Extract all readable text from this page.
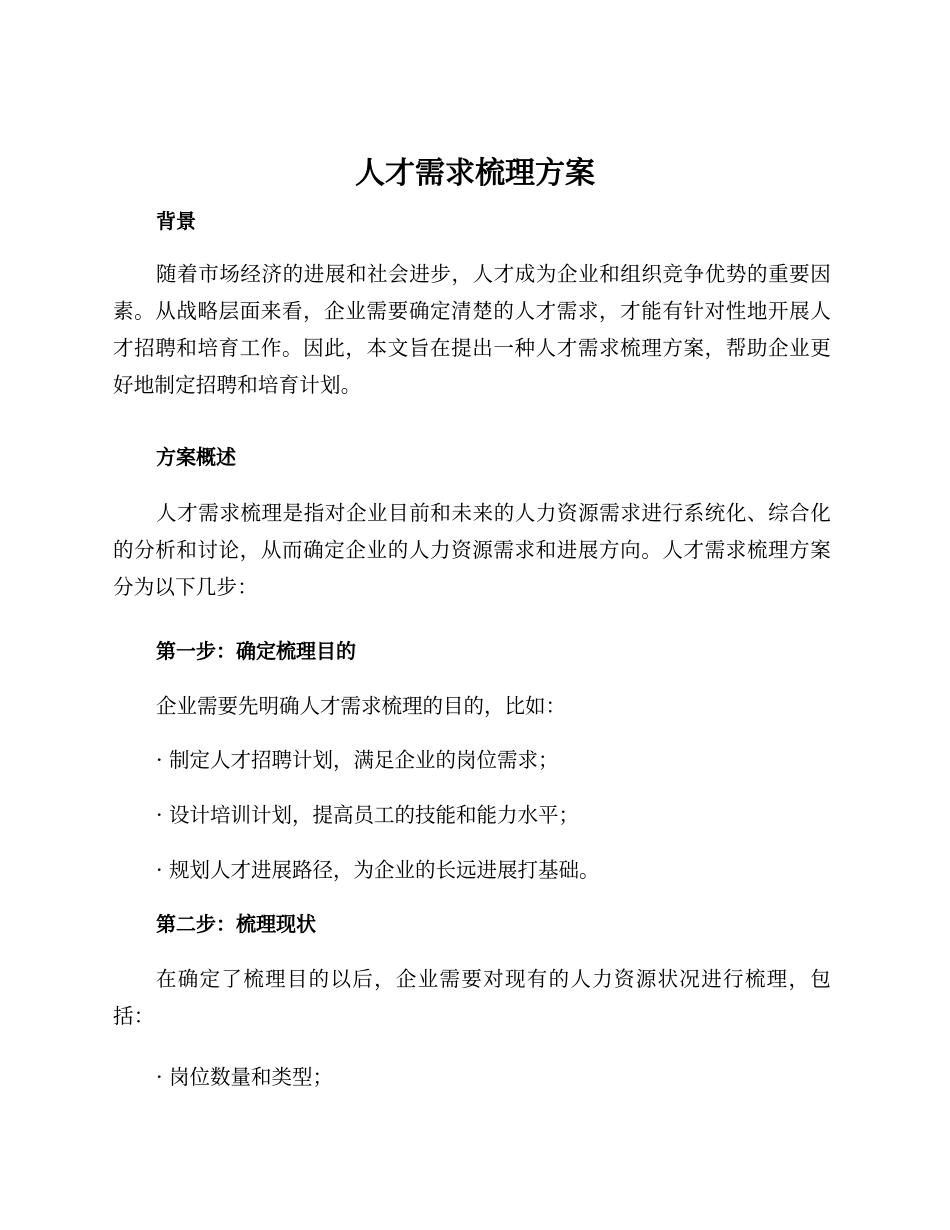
人才需求梳理方案
背景

随着市场经济的进展和社会进步，人才成为企业和组织竞争优势的重要因素。从战略层面来看，企业需要确定清楚的人才需求，才能有针对性地开展人才招聘和培育工作。因此，本文旨在提出一种人才需求梳理方案，帮助企业更好地制定招聘和培育计划。

方案概述

人才需求梳理是指对企业目前和未来的人力资源需求进行系统化、综合化的分析和讨论，从而确定企业的人力资源需求和进展方向。人才需求梳理方案分为以下几步：

第一步：确定梳理目的

企业需要先明确人才需求梳理的目的，比如：

· 制定人才招聘计划，满足企业的岗位需求；

· 设计培训计划，提高员工的技能和能力水平；

· 规划人才进展路径，为企业的长远进展打基础。

第二步：梳理现状

在确定了梳理目的以后，企业需要对现有的人力资源状况进行梳理，包括：

· 岗位数量和类型；
